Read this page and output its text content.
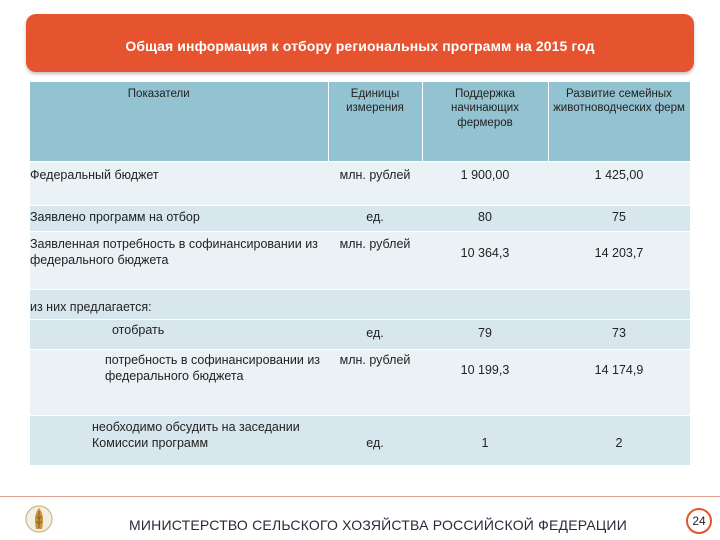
Общая информация к отбору региональных программ на 2015 год
Показатели	Единицы измерения	Поддержка начинающих фермеров	Развитие семейных животноводческих ферм
Федеральный бюджет	млн. рублей	1 900,00	1 425,00
Заявлено программ на отбор	ед.	80	75
Заявленная потребность в софинансировании из федерального бюджета	млн. рублей	10 364,3	14 203,7
из них предлагается:			
отобрать	ед.	79	73
потребность в софинансировании из федерального бюджета	млн. рублей	10 199,3	14 174,9
необходимо обсудить на заседании Комиссии программ	ед.	1	2
МИНИСТЕРСТВО СЕЛЬСКОГО ХОЗЯЙСТВА РОССИЙСКОЙ ФЕДЕРАЦИИ	24
